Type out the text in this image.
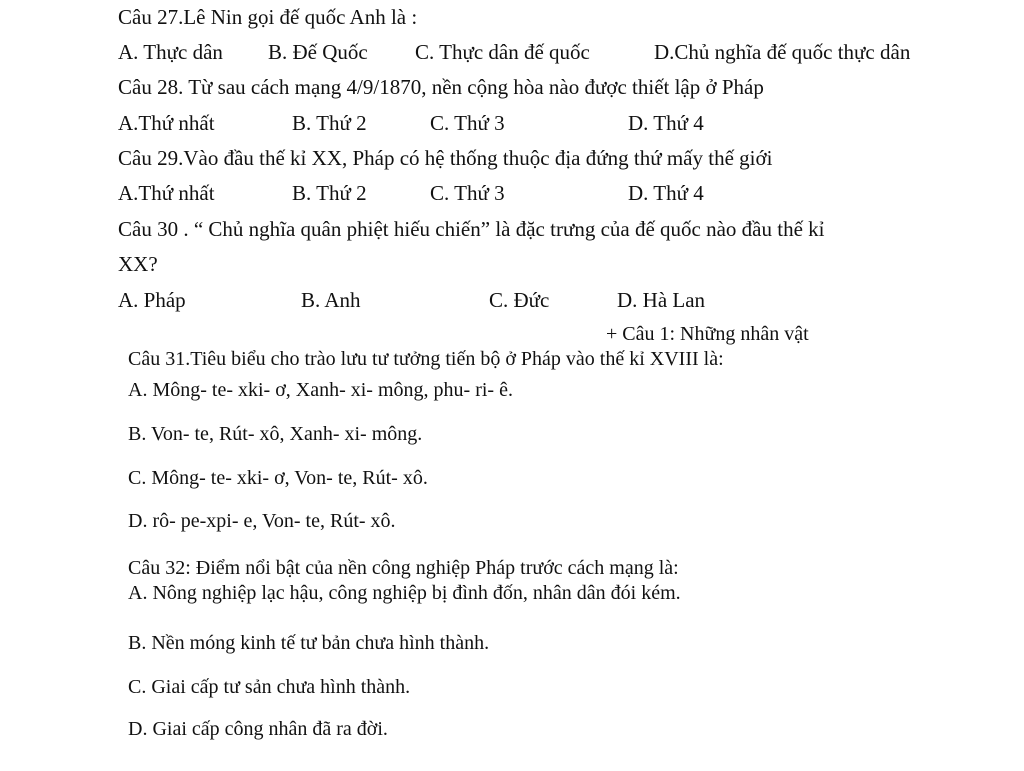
Câu 27.Lê Nin gọi đế quốc Anh là :
A. Thực dân B. Đế Quốc C. Thực dân đế quốc	D.Chủ nghĩa đế quốc thực dân
Câu 28. Từ sau cách mạng 4/9/1870, nền cộng hòa nào được thiết lập ở Pháp
A.Thứ nhất	B. Thứ 2	C. Thứ 3	D. Thứ 4
Câu 29.Vào đầu thế kỉ XX, Pháp có hệ thống thuộc địa đứng thứ mấy thế giới
A.Thứ nhất	B. Thứ 2	C. Thứ 3	D. Thứ 4
Câu 30 . “ Chủ nghĩa quân phiệt hiếu chiến” là đặc trưng của đế quốc nào đầu thế kỉ
XX?
A. Pháp	B. Anh	C. Đức	D. Hà Lan
+ Câu 1: Những nhân vật
Câu 31.Tiêu biểu cho trào lưu tư tưởng tiến bộ ở Pháp vào thế kỉ XVIII là:
A. Mông- te- xki- ơ, Xanh- xi- mông, phu- ri- ê.
B. Von- te, Rút- xô, Xanh- xi- mông.
C. Mông- te- xki- ơ, Von- te, Rút- xô.
D. rô- pe-xpi- e, Von- te, Rút- xô.
Câu 32: Điểm nổi bật của nền công nghiệp Pháp trước cách mạng là:
A. Nông nghiệp lạc hậu, công nghiệp bị đình đốn, nhân dân đói kém.
B. Nền móng kinh tế tư bản chưa hình thành.
C. Giai cấp tư sản chưa hình thành.
D. Giai cấp công nhân đã ra đời.
